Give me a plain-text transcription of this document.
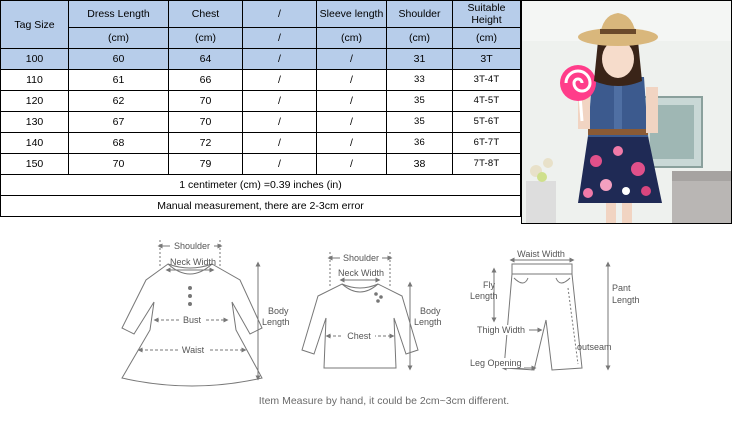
Tag Size	Dress Length	Chest	/	Sleeve length	Shoulder	Suitable Height
	(cm)	(cm)	/	(cm)	(cm)	(cm)
100	60	64	/	/	31	3T
110	61	66	/	/	33	3T-4T
120	62	70	/	/	35	4T-5T
130	67	70	/	/	35	5T-6T
140	68	72	/	/	36	6T-7T
150	70	79	/	/	38	7T-8T
1 centimeter (cm) =0.39 inches (in)						
Manual measurement, there are 2-3cm error						
Shoulder
Neck Width
Bust
Waist
Body
Length
Shoulder
Neck Width
Chest
Body
Length
Waist Width
Fly
Length
Pant
Length
Thigh Width
outseam
Leg Opening
Item Measure by hand, it could be 2cm~3cm different.
